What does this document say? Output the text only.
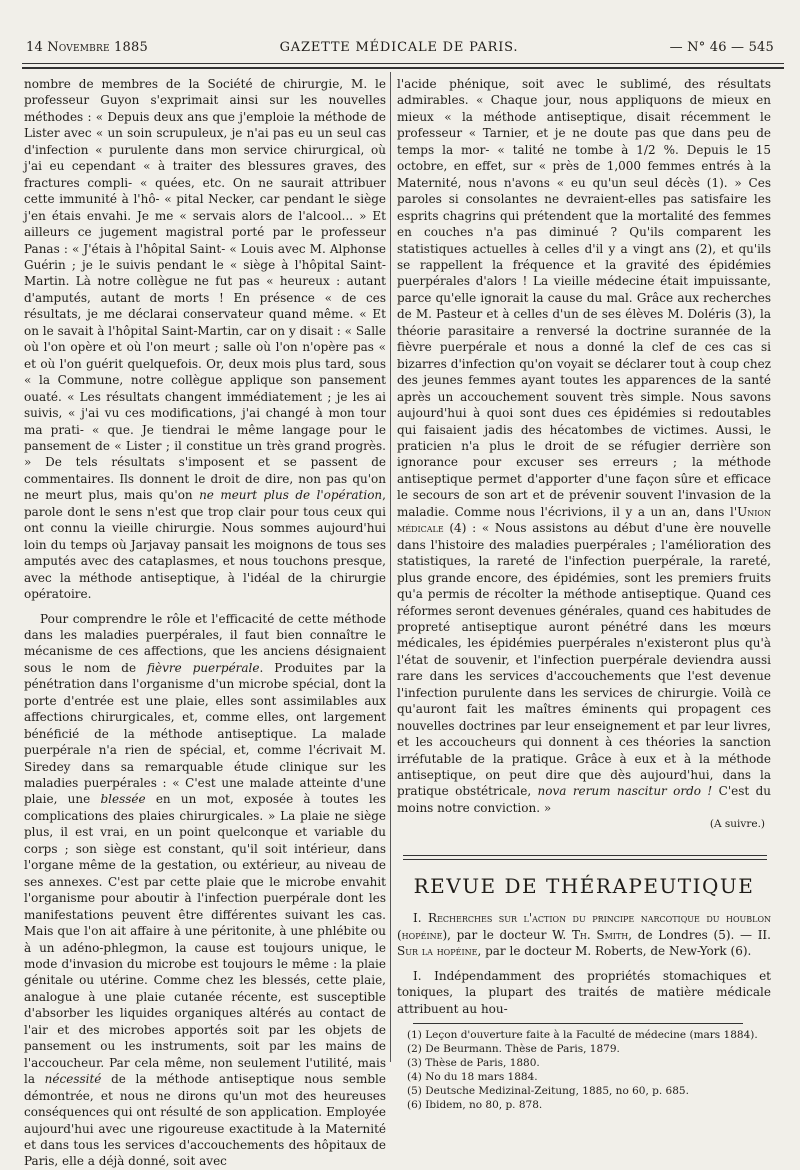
14 Novembre 1885	GAZETTE MÉDICALE DE PARIS.	— N° 46 — 545

nombre de membres de la Société de chirurgie, M. le professeur Guyon s'exprimait ainsi sur les nouvelles méthodes : « Depuis deux ans que j'emploie la méthode de Lister avec « un soin scrupuleux, je n'ai pas eu un seul cas d'infection « purulente dans mon service chirurgical, où j'ai eu cependant « à traiter des blessures graves, des fractures compli- « quées, etc. On ne saurait attribuer cette immunité à l'hô- « pital Necker, car pendant le siège j'en étais envahi. Je me « servais alors de l'alcool... » Et ailleurs ce jugement magistral porté par le professeur Panas : « J'étais à l'hôpital Saint- « Louis avec M. Alphonse Guérin ; je le suivis pendant le « siège à l'hôpital Saint-Martin. Là notre collègue ne fut pas « heureux : autant d'amputés, autant de morts ! En présence « de ces résultats, je me déclarai conservateur quand même. « Et on le savait à l'hôpital Saint-Martin, car on y disait : « Salle où l'on opère et où l'on meurt ; salle où l'on n'opère pas « et où l'on guérit quelquefois. Or, deux mois plus tard, sous « la Commune, notre collègue applique son pansement ouaté. « Les résultats changent immédiatement ; je les ai suivis, « j'ai vu ces modifications, j'ai changé à mon tour ma prati- « que. Je tiendrai le même langage pour le pansement de « Lister ; il constitue un très grand progrès. » De tels résultats s'imposent et se passent de commentaires. Ils donnent le droit de dire, non pas qu'on ne meurt plus, mais qu'on ne meurt plus de l'opération, parole dont le sens n'est que trop clair pour tous ceux qui ont connu la vieille chirurgie. Nous sommes aujourd'hui loin du temps où Jarjavay pansait les moignons de tous ses amputés avec des cataplasmes, et nous touchons presque, avec la méthode antiseptique, à l'idéal de la chirurgie opératoire.

Pour comprendre le rôle et l'efficacité de cette méthode dans les maladies puerpérales, il faut bien connaître le mécanisme de ces affections, que les anciens désignaient sous le nom de fièvre puerpérale. Produites par la pénétration dans l'organisme d'un microbe spécial, dont la porte d'entrée est une plaie, elles sont assimilables aux affections chirurgicales, et, comme elles, ont largement bénéficié de la méthode antiseptique. La malade puerpérale n'a rien de spécial, et, comme l'écrivait M. Siredey dans sa remarquable étude clinique sur les maladies puerpérales : « C'est une malade atteinte d'une plaie, une blessée en un mot, exposée à toutes les complications des plaies chirurgicales. » La plaie ne siège plus, il est vrai, en un point quelconque et variable du corps ; son siège est constant, qu'il soit intérieur, dans l'organe même de la gestation, ou extérieur, au niveau de ses annexes. C'est par cette plaie que le microbe envahit l'organisme pour aboutir à l'infection puerpérale dont les manifestations peuvent être différentes suivant les cas. Mais que l'on ait affaire à une péritonite, à une phlébite ou à un adéno-phlegmon, la cause est toujours unique, le mode d'invasion du microbe est toujours le même : la plaie génitale ou utérine. Comme chez les blessés, cette plaie, analogue à une plaie cutanée récente, est susceptible d'absorber les liquides organiques altérés au contact de l'air et des microbes apportés soit par les objets de pansement ou les instruments, soit par les mains de l'accoucheur. Par cela même, non seulement l'utilité, mais la nécessité de la méthode antiseptique nous semble démontrée, et nous ne dirons qu'un mot des heureuses conséquences qui ont résulté de son application. Employée aujourd'hui avec une rigoureuse exactitude à la Maternité et dans tous les services d'accouchements des hôpitaux de Paris, elle a déjà donné, soit avec

l'acide phénique, soit avec le sublimé, des résultats admirables. « Chaque jour, nous appliquons de mieux en mieux « la méthode antiseptique, disait récemment le professeur « Tarnier, et je ne doute pas que dans peu de temps la mor- « talité ne tombe à 1/2 %. Depuis le 15 octobre, en effet, sur « près de 1,000 femmes entrés à la Maternité, nous n'avons « eu qu'un seul décès (1). » Ces paroles si consolantes ne devraient-elles pas satisfaire les esprits chagrins qui prétendent que la mortalité des femmes en couches n'a pas diminué ? Qu'ils comparent les statistiques actuelles à celles d'il y a vingt ans (2), et qu'ils se rappellent la fréquence et la gravité des épidémies puerpérales d'alors ! La vieille médecine était impuissante, parce qu'elle ignorait la cause du mal. Grâce aux recherches de M. Pasteur et à celles d'un de ses élèves M. Doléris (3), la théorie parasitaire a renversé la doctrine surannée de la fièvre puerpérale et nous a donné la clef de ces cas si bizarres d'infection qu'on voyait se déclarer tout à coup chez des jeunes femmes ayant toutes les apparences de la santé après un accouchement souvent très simple. Nous savons aujourd'hui à quoi sont dues ces épidémies si redoutables qui faisaient jadis des hécatombes de victimes. Aussi, le praticien n'a plus le droit de se réfugier derrière son ignorance pour excuser ses erreurs ; la méthode antiseptique permet d'apporter d'une façon sûre et efficace le secours de son art et de prévenir souvent l'invasion de la maladie. Comme nous l'écrivions, il y a un an, dans l'Union médicale (4) : « Nous assistons au début d'une ère nouvelle dans l'histoire des maladies puerpérales ; l'amélioration des statistiques, la rareté de l'infection puerpérale, la rareté, plus grande encore, des épidémies, sont les premiers fruits qu'a permis de récolter la méthode antiseptique. Quand ces réformes seront devenues générales, quand ces habitudes de propreté antiseptique auront pénétré dans les mœurs médicales, les épidémies puerpérales n'existeront plus qu'à l'état de souvenir, et l'infection puerpérale deviendra aussi rare dans les services d'accouchements que l'est devenue l'infection purulente dans les services de chirurgie. Voilà ce qu'auront fait les maîtres éminents qui propagent ces nouvelles doctrines par leur enseignement et par leur livres, et les accoucheurs qui donnent à ces théories la sanction irréfutable de la pratique. Grâce à eux et à la méthode antiseptique, on peut dire que dès aujourd'hui, dans la pratique obstétricale, nova rerum nascitur ordo ! C'est du moins notre conviction. »

(A suivre.)
REVUE DE THÉRAPEUTIQUE

I. Recherches sur l'action du principe narcotique du houblon (hopéine), par le docteur W. Th. Smith, de Londres (5). — II. Sur la hopéine, par le docteur M. Roberts, de New-York (6).

I. Indépendamment des propriétés stomachiques et toniques, la plupart des traités de matière médicale attribuent au hou-

(1) Leçon d'ouverture faite à la Faculté de médecine (mars 1884).
(2) De Beurmann. Thèse de Paris, 1879.
(3) Thèse de Paris, 1880.
(4) No du 18 mars 1884.
(5) Deutsche Medizinal-Zeitung, 1885, no 60, p. 685.
(6) Ibidem, no 80, p. 878.
